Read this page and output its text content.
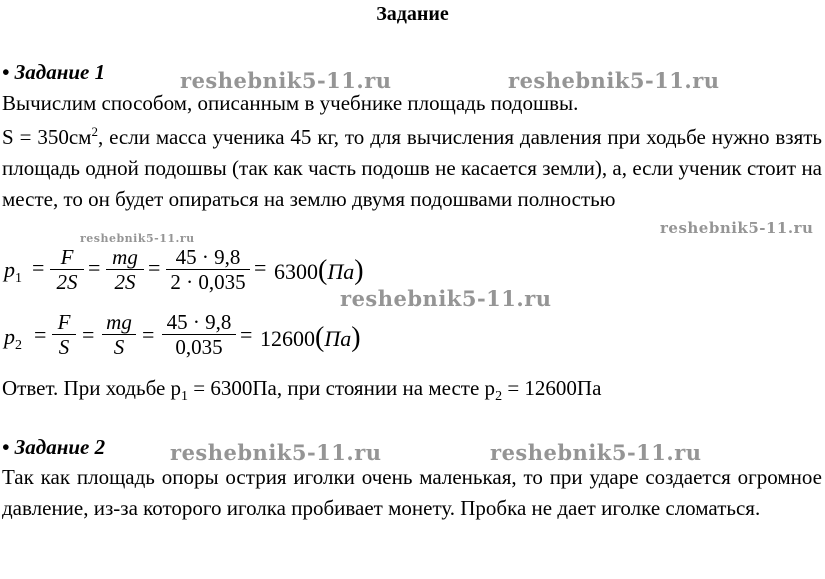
Задание
• Задание 1
Вычислим способом, описанным в учебнике площадь подошвы.
$S = 350см^2$, если масса ученика 45 кг, то для вычисления давления при ходьбе нужно взять площадь одной подошвы (так как часть подошв не касается земли), а, если ученик стоит на месте, то он будет опираться на землю двумя подошвами полностью
$p_1 = \frac{F}{2S} = \frac{mg}{2S} = \frac{45 \cdot 9,8}{2 \cdot 0,035} = 6300(Па)$
$p_2 = \frac{F}{S} = \frac{mg}{S} = \frac{45 \cdot 9,8}{0,035} = 12600(Па)$
Ответ. При ходьбе $p_1 = 6300Па$, при стоянии на месте $p_2 = 12600Па$
• Задание 2
Так как площадь опоры острия иголки очень маленькая, то при ударе создается огромное давление, из-за которого иголка пробивает монету. Пробка не дает иголке сломаться.
reshebnik5-11.ru	reshebnik5-11.ru
reshebnik5-11.ru
reshebnik5-11.ru
reshebnik5-11.ru
reshebnik5-11.ru	reshebnik5-11.ru
